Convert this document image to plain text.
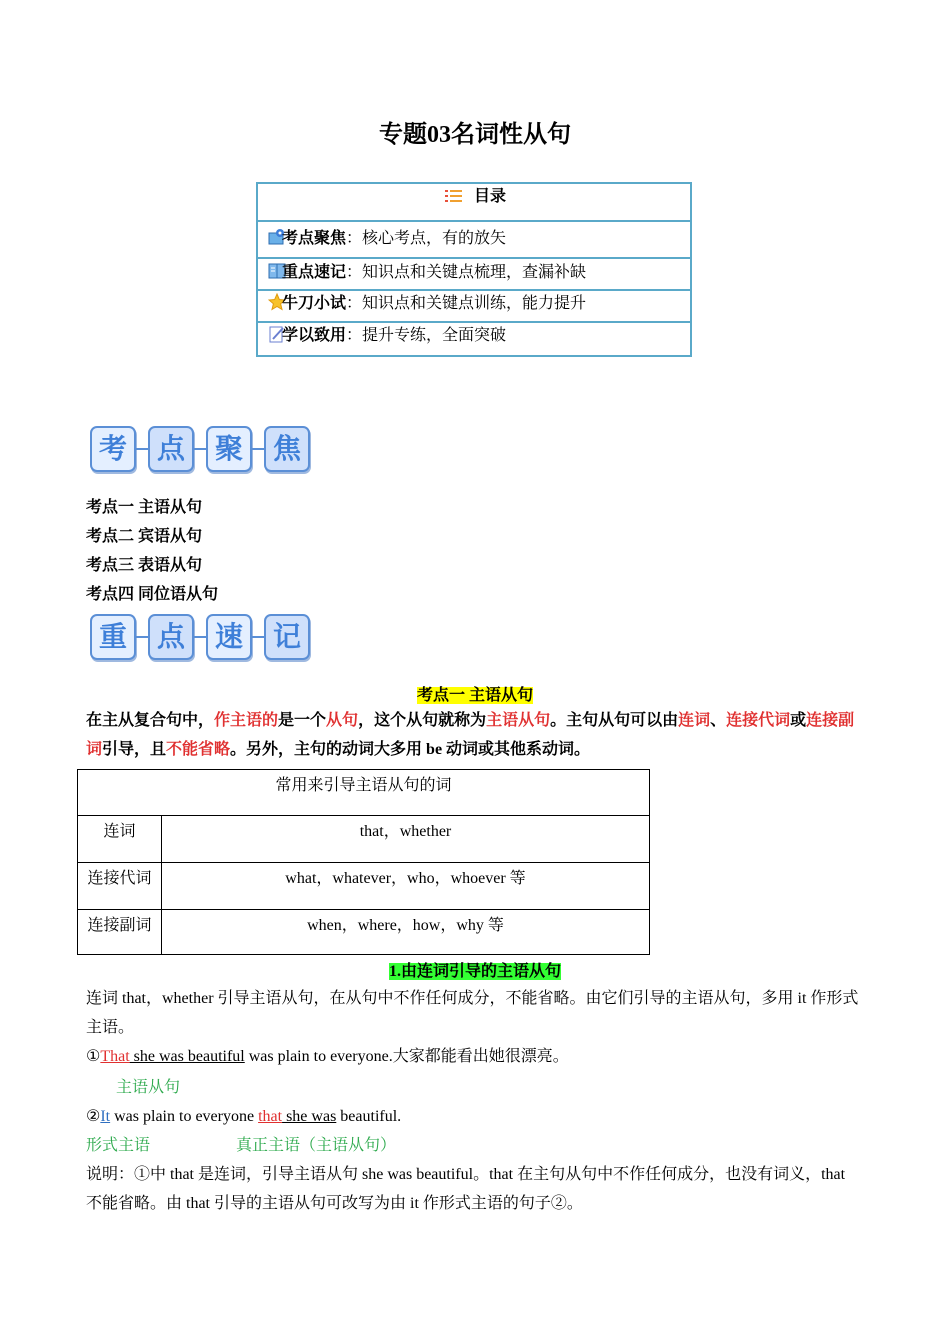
专题03名词性从句
目录
考点聚焦：核心考点，有的放矢
重点速记：知识点和关键点梳理，查漏补缺
牛刀小试：知识点和关键点训练，能力提升
学以致用：提升专练，全面突破
考	点	聚	焦
考点一 主语从句
考点二 宾语从句
考点三 表语从句
考点四 同位语从句
重	点	速	记
考点一 主语从句
在主从复合句中，作主语的是一个从句，这个从句就称为主语从句。主句从句可以由连词、连接代词或连接副词引导，且不能省略。另外，主句的动词大多用 be 动词或其他系动词。
常用来引导主语从句的词
连词	that，whether
连接代词	what，whatever，who，whoever 等
连接副词	when，where，how，why 等
1.由连词引导的主语从句
连词 that，whether 引导主语从句，在从句中不作任何成分，不能省略。由它们引导的主语从句，多用 it 作形式主语。
①That she was beautiful was plain to everyone.大家都能看出她很漂亮。
主语从句
②It was plain to everyone that she was beautiful.
形式主语	真正主语（主语从句）
说明：①中 that 是连词，引导主语从句 she was beautiful。that 在主句从句中不作任何成分，也没有词义，that 不能省略。由 that 引导的主语从句可改写为由 it 作形式主语的句子②。
